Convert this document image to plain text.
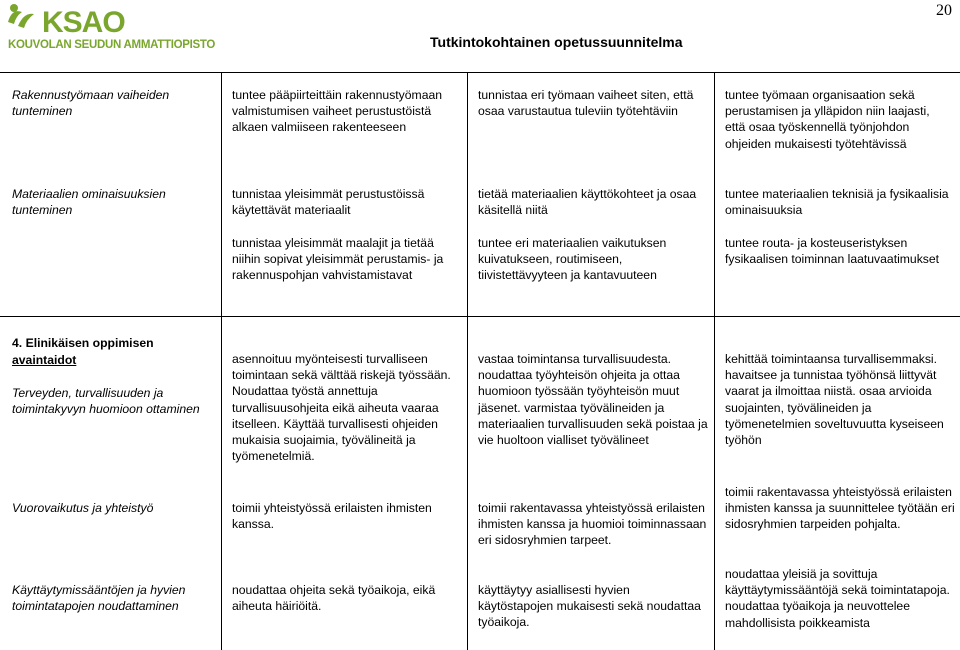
KSAO
KOUVOLAN SEUDUN AMMATTIOPISTO
20
Tutkintokohtainen opetussuunnitelma
Rakennustyömaan vaiheiden tunteminen
tuntee pääpiirteittäin rakennustyömaan valmistumisen vaiheet perustustöistä alkaen valmiiseen rakenteeseen
tunnistaa eri työmaan vaiheet siten, että osaa varustautua tuleviin työtehtäviin
tuntee työmaan organisaation sekä perustamisen ja ylläpidon niin laajasti, että osaa työskennellä työnjohdon ohjeiden mukaisesti työtehtävissä
Materiaalien ominaisuuksien tunteminen
tunnistaa yleisimmät perustustöissä käytettävät materiaalit
tunnistaa yleisimmät maalajit ja tietää niihin sopivat yleisimmät perustamis- ja rakennuspohjan vahvistamistavat
tietää materiaalien käyttökohteet ja osaa käsitellä niitä
tuntee eri materiaalien vaikutuksen kuivatukseen, routimiseen, tiivistettävyyteen ja kantavuuteen
tuntee materiaalien teknisiä ja fysikaalisia ominaisuuksia
tuntee routa- ja kosteuseristyksen fysikaalisen toiminnan laatuvaatimukset
4. Elinikäisen oppimisen
avaintaidot
Terveyden, turvallisuuden ja toimintakyvyn huomioon ottaminen
Vuorovaikutus ja yhteistyö
Käyttäytymissääntöjen ja hyvien toimintatapojen noudattaminen
asennoituu myönteisesti turvalliseen toimintaan sekä välttää riskejä työssään. Noudattaa työstä annettuja turvallisuusohjeita eikä aiheuta vaaraa itselleen. Käyttää turvallisesti ohjeiden mukaisia suojaimia, työvälineitä ja työmenetelmiä.
toimii yhteistyössä erilaisten ihmisten kanssa.
noudattaa ohjeita sekä työaikoja, eikä aiheuta häiriöitä.
vastaa toimintansa turvallisuudesta. noudattaa työyhteisön ohjeita ja ottaa huomioon työssään työyhteisön muut jäsenet. varmistaa työvälineiden ja materiaalien turvallisuuden sekä poistaa ja vie huoltoon vialliset työvälineet
toimii rakentavassa yhteistyössä erilaisten ihmisten kanssa ja huomioi toiminnassaan eri sidosryhmien tarpeet.
käyttäytyy asiallisesti hyvien käytöstapojen mukaisesti sekä noudattaa työaikoja.
kehittää toimintaansa turvallisemmaksi. havaitsee ja tunnistaa työhönsä liittyvät vaarat ja ilmoittaa niistä. osaa arvioida suojainten, työvälineiden ja työmenetelmien soveltuvuutta kyseiseen työhön
toimii rakentavassa yhteistyössä erilaisten ihmisten kanssa ja suunnittelee työtään eri sidosryhmien tarpeiden pohjalta.
noudattaa yleisiä ja sovittuja käyttäytymissääntöjä sekä toimintatapoja. noudattaa työaikoja ja neuvottelee mahdollisista poikkeamista
